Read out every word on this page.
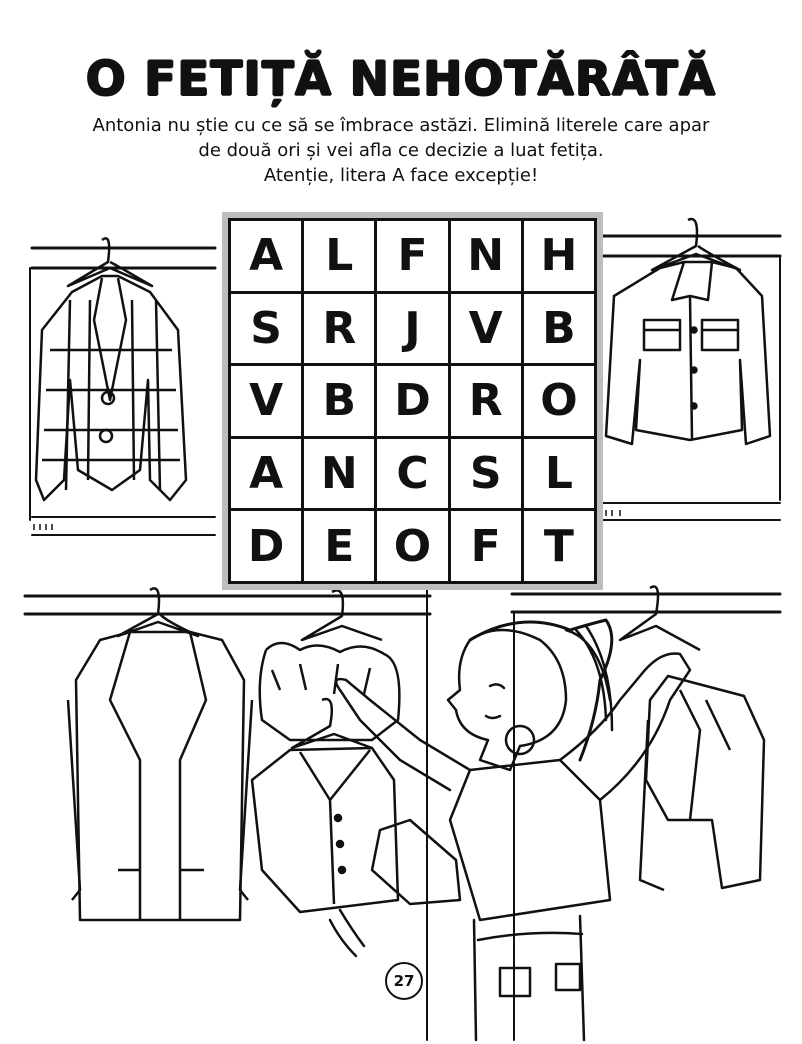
O FETIȚĂ NEHOTĂRÂTĂ
Antonia nu știe cu ce să se îmbrace astăzi. Elimină literele care apar
de două ori și vei afla ce decizie a luat fetița.
Atenție, litera A face excepție!
A L	F N H
S R	J	V B
V B D R O
A N C S L
D E O F T
27
